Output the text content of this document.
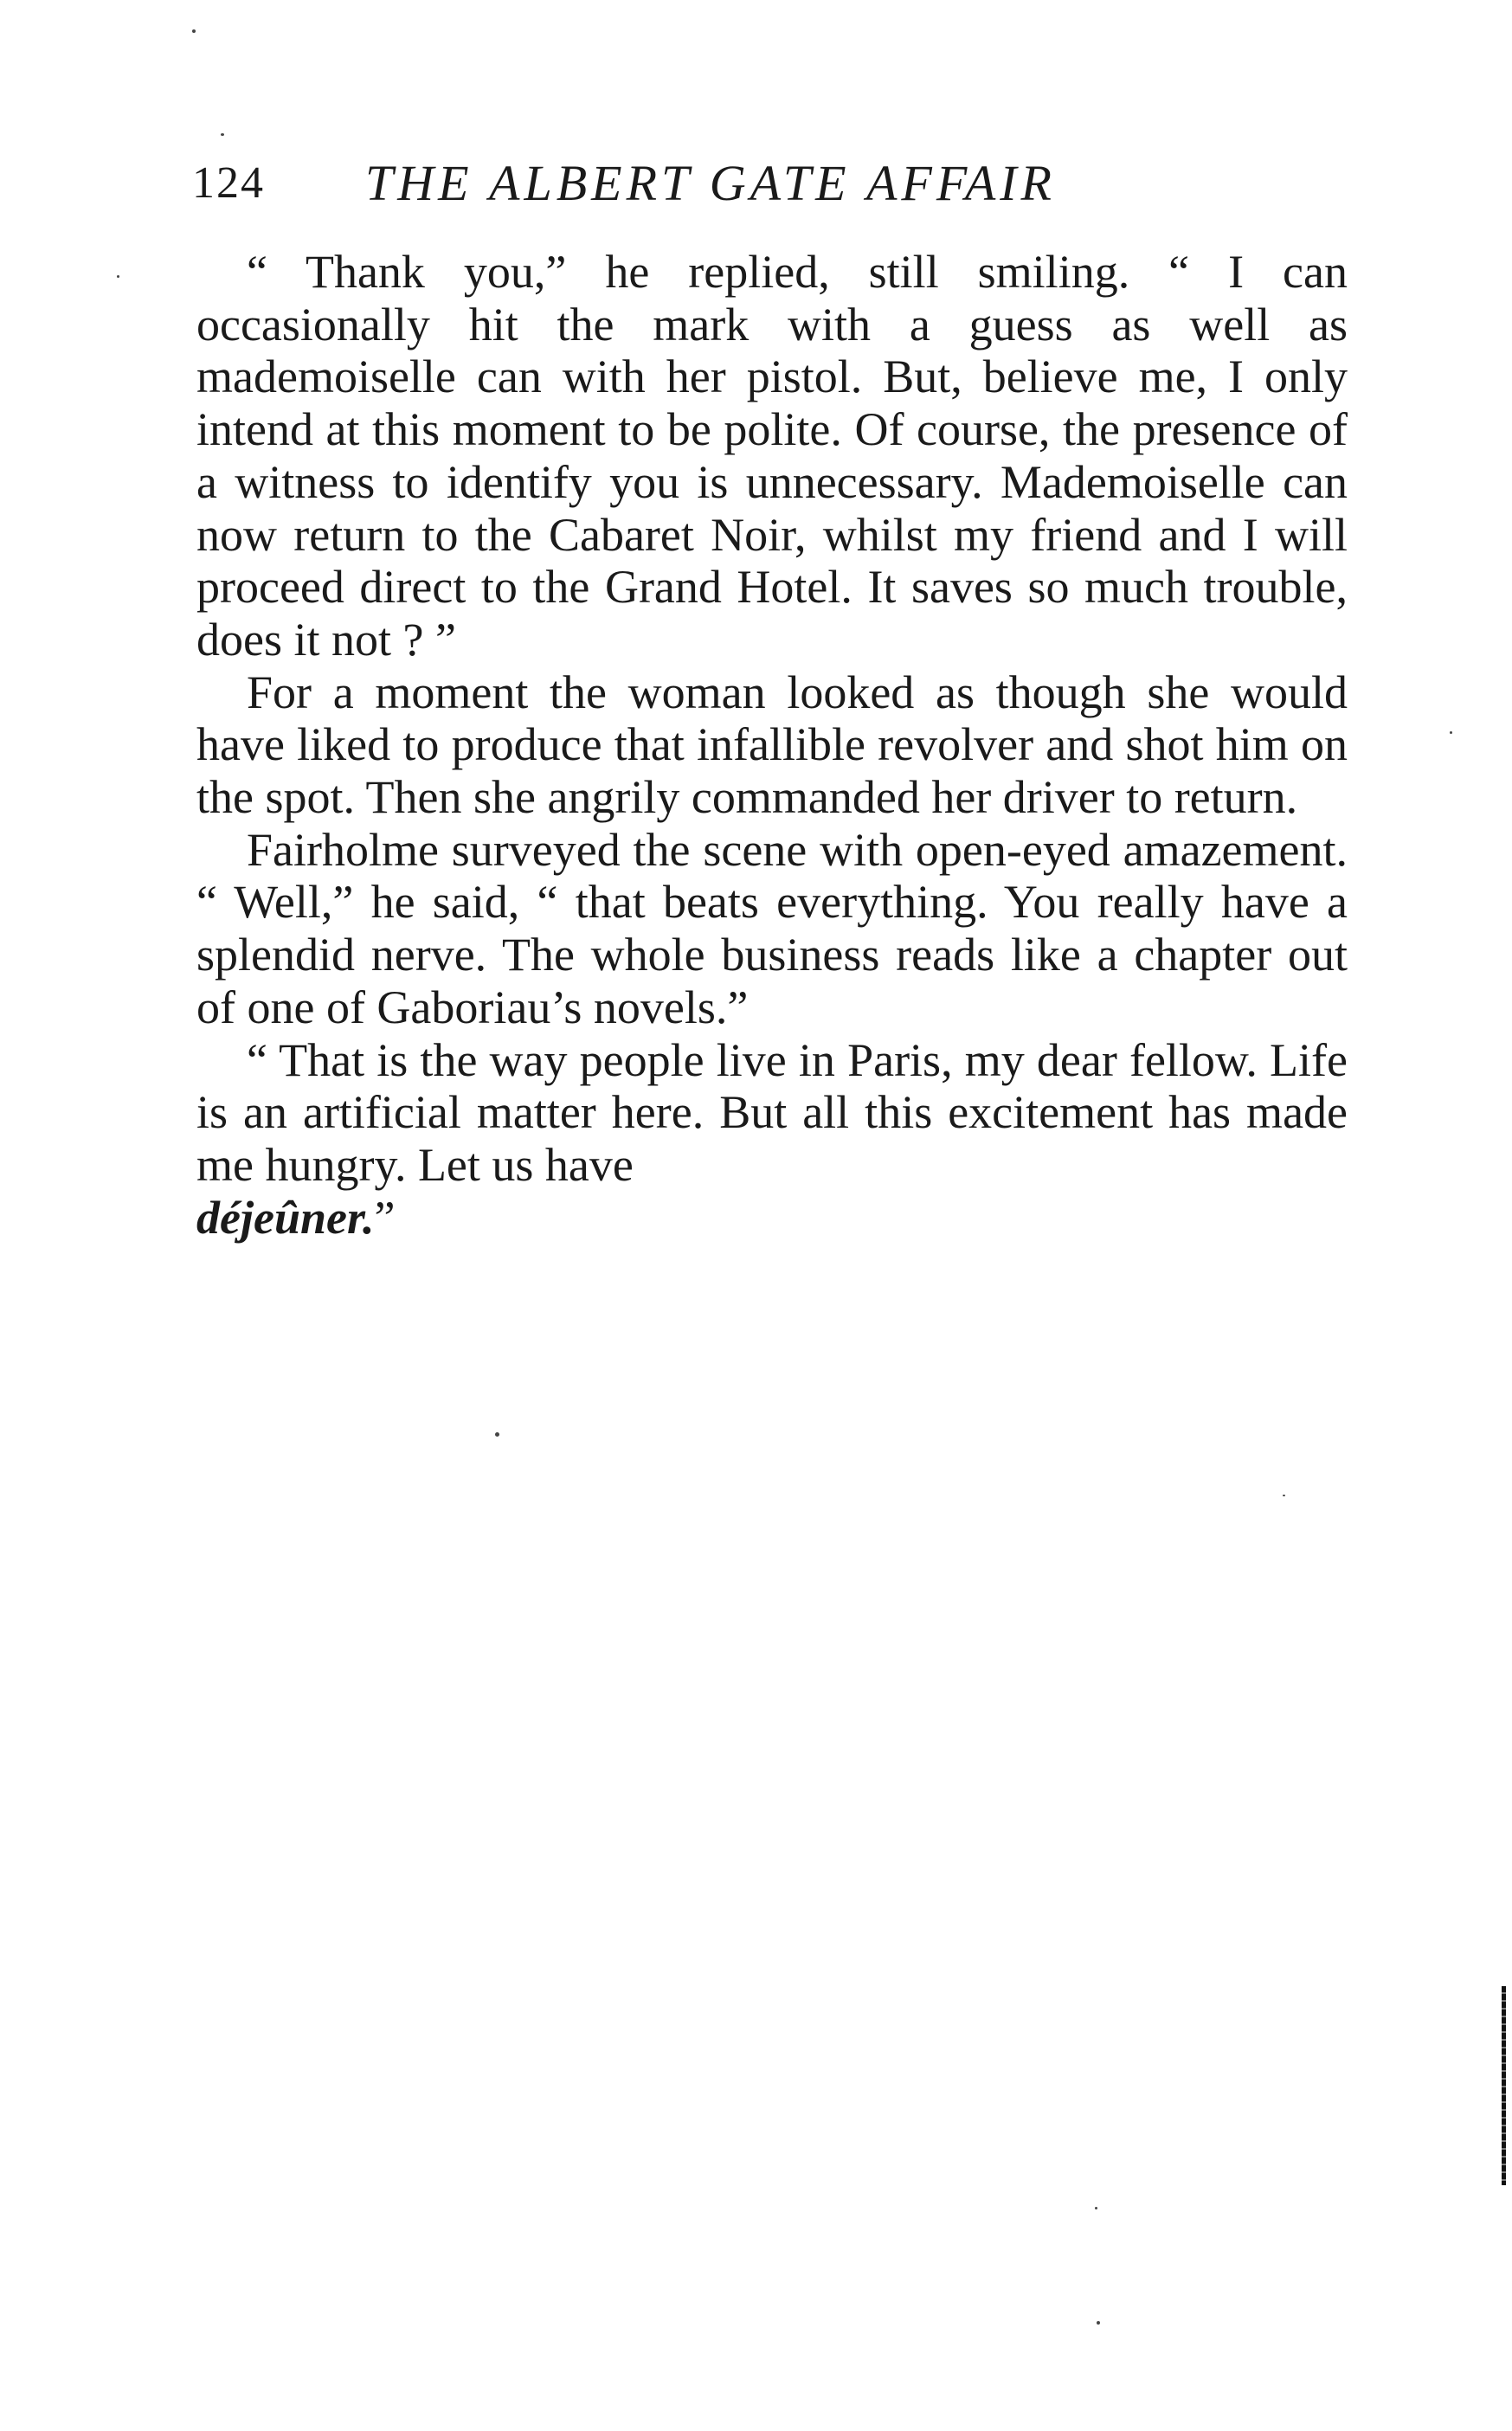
124 THE ALBERT GATE AFFAIR

“ Thank you,” he replied, still smiling. “ I can occasionally hit the mark with a guess as well as mademoiselle can with her pistol. But, believe me, I only intend at this moment to be polite. Of course, the presence of a witness to identify you is unnecessary. Mademoiselle can now return to the Cabaret Noir, whilst my friend and I will proceed direct to the Grand Hotel. It saves so much trouble, does it not ? ”

For a moment the woman looked as though she would have liked to produce that infallible revolver and shot him on the spot. Then she angrily commanded her driver to return.

Fairholme surveyed the scene with open-eyed amazement. “ Well,” he said, “ that beats everything. You really have a splendid nerve. The whole business reads like a chapter out of one of Gaboriau’s novels.”

“ That is the way people live in Paris, my dear fellow. Life is an artificial matter here. But all this excitement has made me hungry. Let us have
déjeûner.”
